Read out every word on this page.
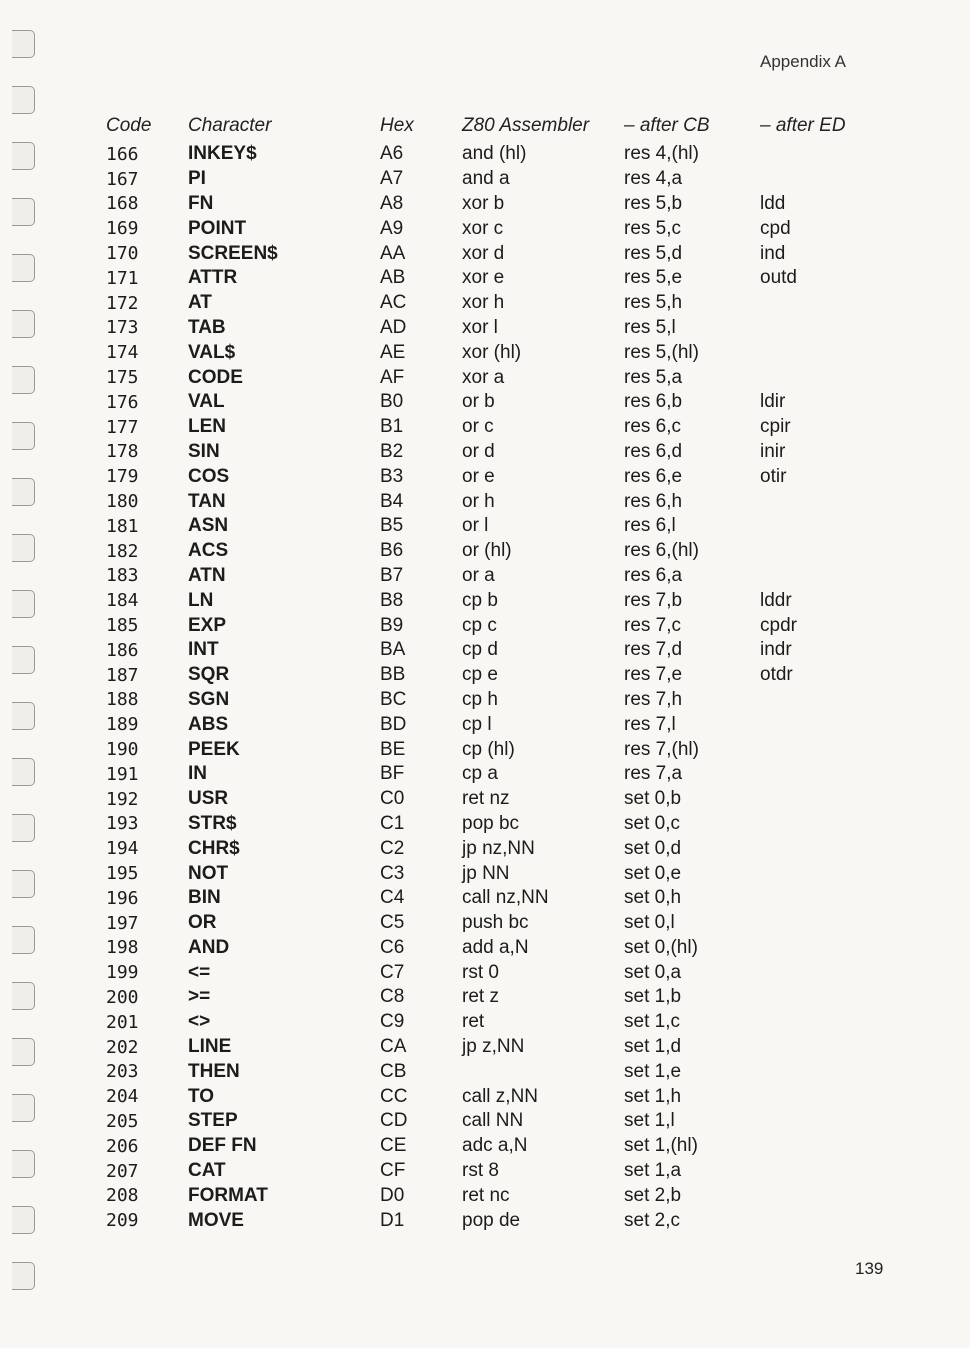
Appendix A
Code	Character	Hex	Z80 Assembler	– after CB	– after ED
166	INKEY$	A6	and (hl)	res 4,(hl)	
167	PI	A7	and a	res 4,a	
168	FN	A8	xor b	res 5,b	ldd
169	POINT	A9	xor c	res 5,c	cpd
170	SCREEN$	AA	xor d	res 5,d	ind
171	ATTR	AB	xor e	res 5,e	outd
172	AT	AC	xor h	res 5,h	
173	TAB	AD	xor l	res 5,l	
174	VAL$	AE	xor (hl)	res 5,(hl)	
175	CODE	AF	xor a	res 5,a	
176	VAL	B0	or b	res 6,b	ldir
177	LEN	B1	or c	res 6,c	cpir
178	SIN	B2	or d	res 6,d	inir
179	COS	B3	or e	res 6,e	otir
180	TAN	B4	or h	res 6,h	
181	ASN	B5	or l	res 6,l	
182	ACS	B6	or (hl)	res 6,(hl)	
183	ATN	B7	or a	res 6,a	
184	LN	B8	cp b	res 7,b	lddr
185	EXP	B9	cp c	res 7,c	cpdr
186	INT	BA	cp d	res 7,d	indr
187	SQR	BB	cp e	res 7,e	otdr
188	SGN	BC	cp h	res 7,h	
189	ABS	BD	cp l	res 7,l	
190	PEEK	BE	cp (hl)	res 7,(hl)	
191	IN	BF	cp a	res 7,a	
192	USR	C0	ret nz	set 0,b	
193	STR$	C1	pop bc	set 0,c	
194	CHR$	C2	jp nz,NN	set 0,d	
195	NOT	C3	jp NN	set 0,e	
196	BIN	C4	call nz,NN	set 0,h	
197	OR	C5	push bc	set 0,l	
198	AND	C6	add a,N	set 0,(hl)	
199	<=	C7	rst 0	set 0,a	
200	>=	C8	ret z	set 1,b	
201	<>	C9	ret	set 1,c	
202	LINE	CA	jp z,NN	set 1,d	
203	THEN	CB		set 1,e	
204	TO	CC	call z,NN	set 1,h	
205	STEP	CD	call NN	set 1,l	
206	DEF FN	CE	adc a,N	set 1,(hl)	
207	CAT	CF	rst 8	set 1,a	
208	FORMAT	D0	ret nc	set 2,b	
209	MOVE	D1	pop de	set 2,c	
139
